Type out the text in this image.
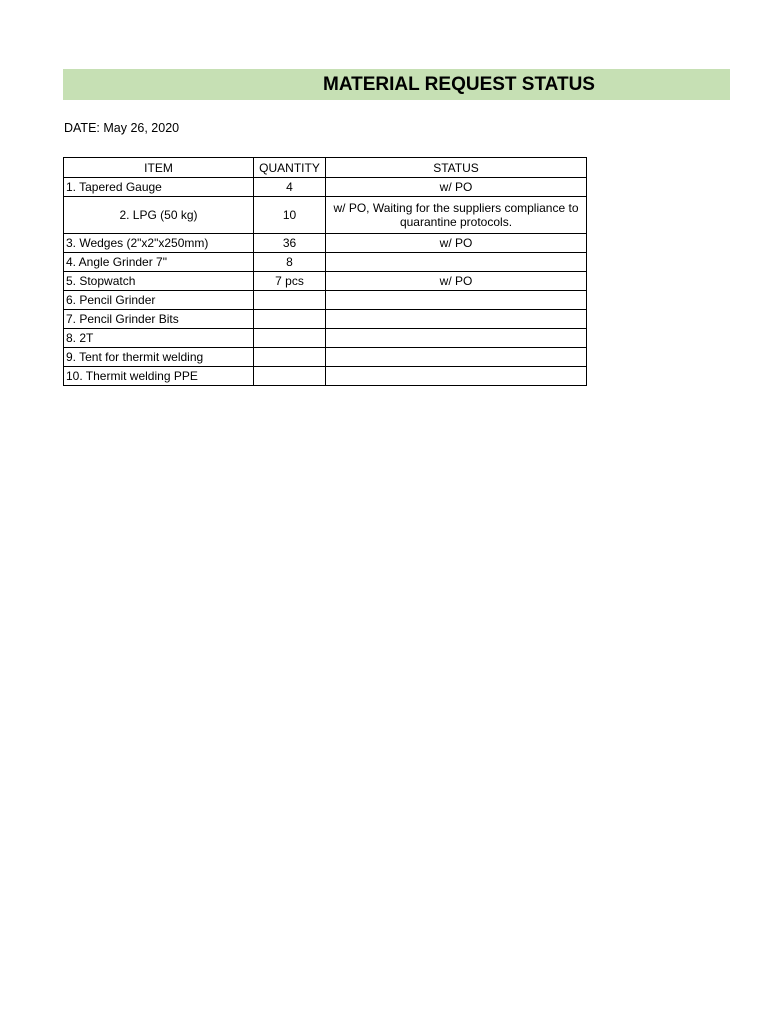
MATERIAL REQUEST STATUS
DATE: May 26, 2020
ITEM	QUANTITY	STATUS
1. Tapered Gauge	4	w/ PO
2. LPG (50 kg)	10	w/ PO, Waiting for the suppliers compliance to quarantine protocols.
3. Wedges (2"x2"x250mm)	36	w/ PO
4. Angle Grinder 7"	8	
5. Stopwatch	7 pcs	w/ PO
6. Pencil Grinder		
7. Pencil Grinder Bits		
8. 2T		
9. Tent for thermit welding		
10. Thermit welding PPE		
